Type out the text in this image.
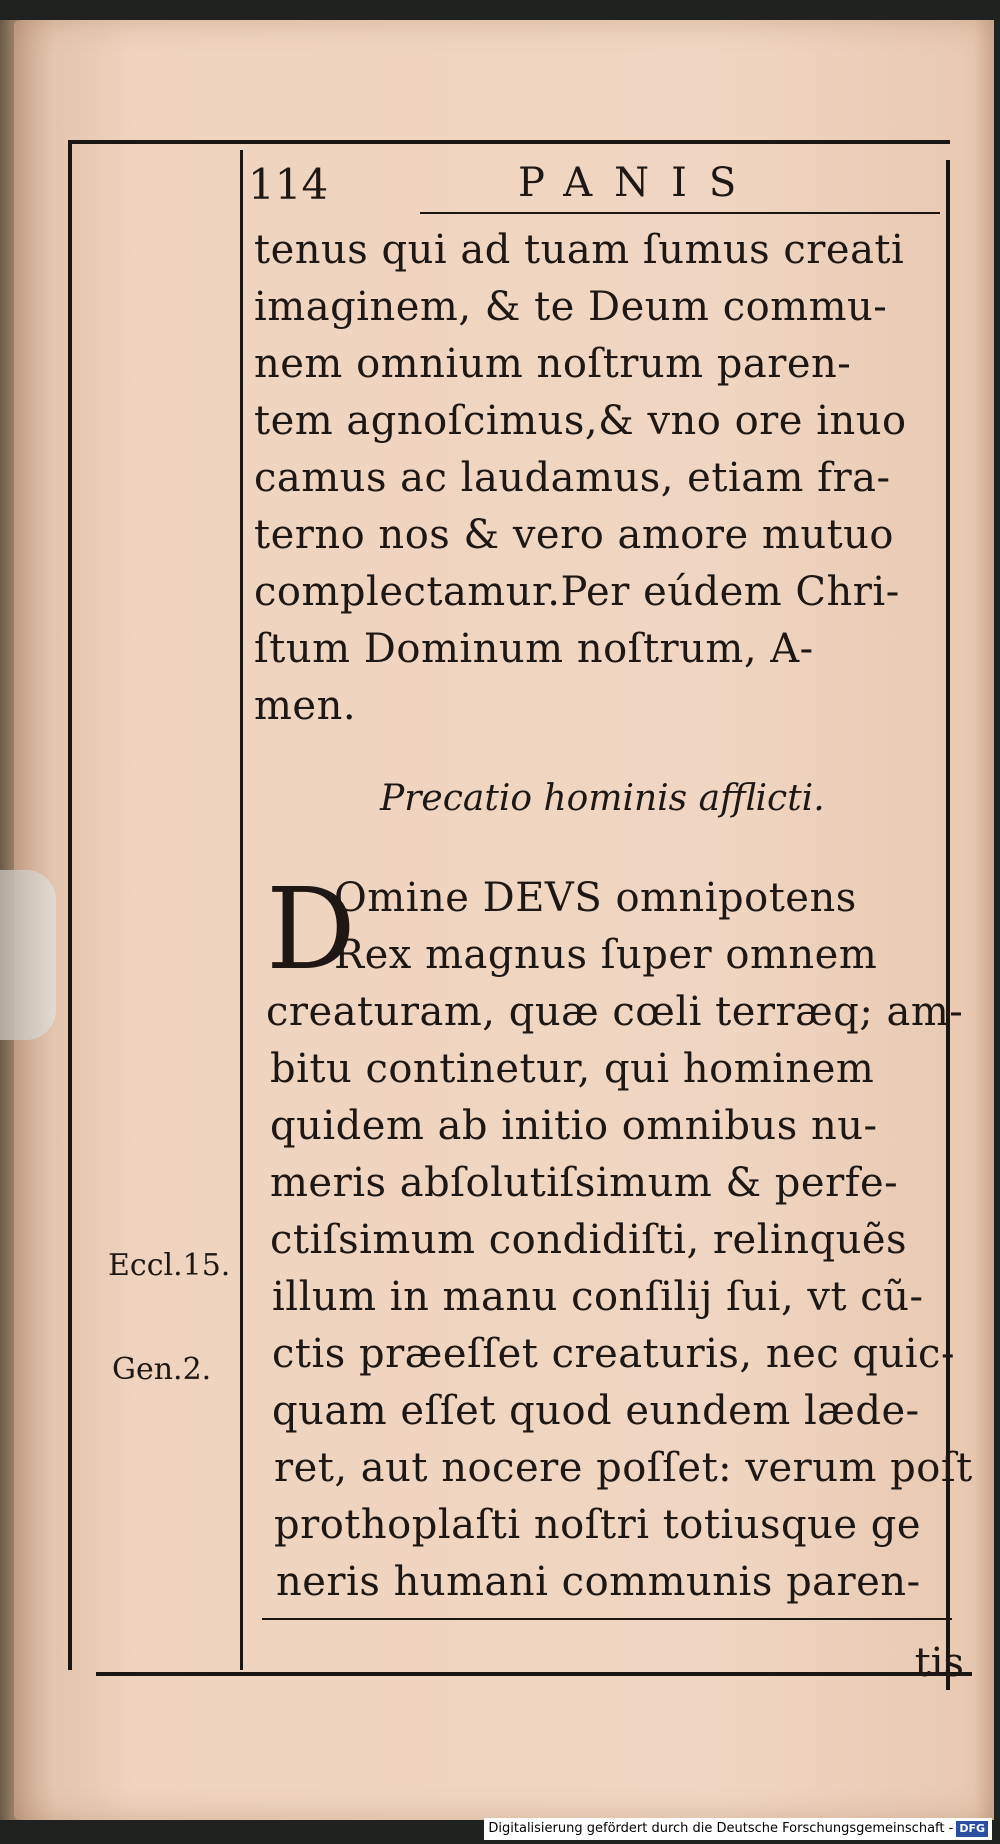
114	PANIS
tenus qui ad tuam ſumus creati
imaginem, & te Deum commu-
nem omnium noſtrum paren-
tem agnoſcimus,& vno ore inuo
camus ac laudamus, etiam fra-
terno nos & vero amore mutuo
complectamur.Per eúdem Chri-
ſtum Dominum noſtrum, A-
men.
Precatio hominis afflicti.
D
Omine DEVS omnipotens
Rex magnus ſuper omnem
creaturam, quæ cœli terræq; am-
bitu continetur, qui hominem
quidem ab initio omnibus nu-
meris abſolutiſsimum & perfe-
ctiſsimum condidiſti, relinquẽs
illum in manu conſilij ſui, vt cũ-
ctis præeſſet creaturis, nec quic-
quam eſſet quod eundem læde-
ret, aut nocere poſſet: verum poſt
prothoplaſti noſtri totiusque ge
neris humani communis paren-
Eccl.15.
Gen.2.
tis
Digitalisierung gefördert durch die Deutsche Forschungsgemeinschaft - DFG
